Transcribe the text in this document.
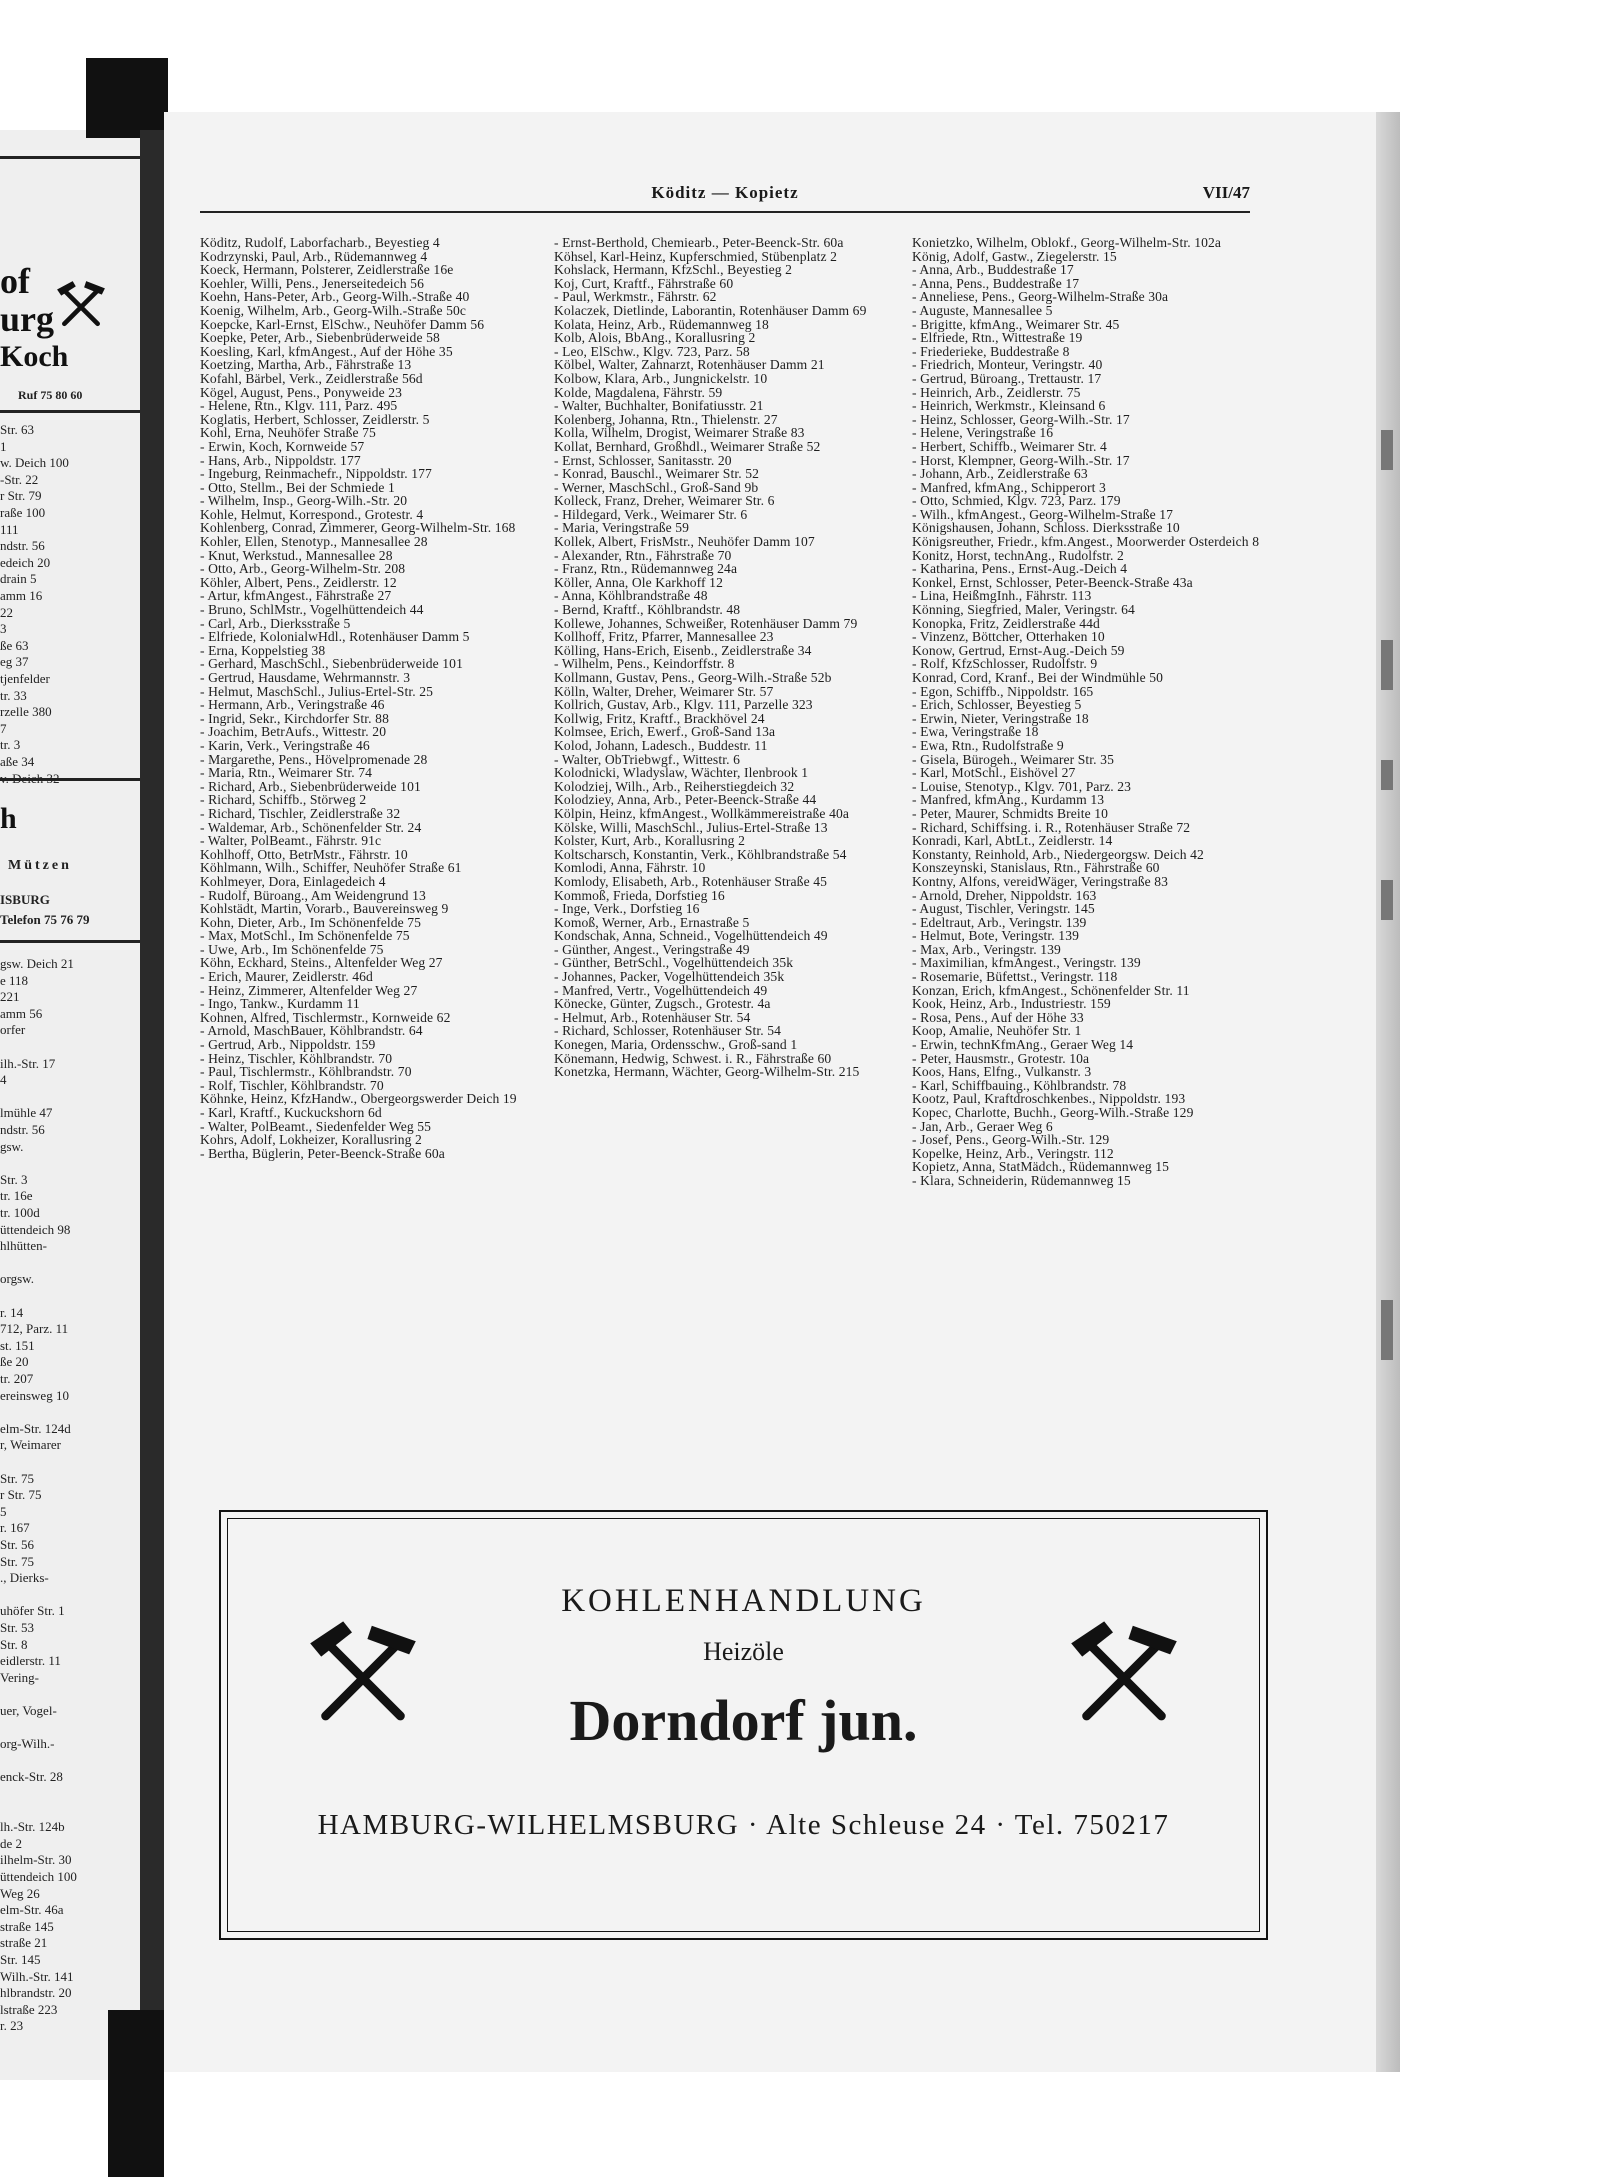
of
urg
Koch
Ruf 75 80 60
Str. 63
1
w. Deich 100
-Str. 22
r Str. 79
raße 100
111
ndstr. 56
edeich 20
drain 5
amm 16
22
3
ße 63
eg 37
tjenfelder
tr. 33
rzelle 380
7
tr. 3
aße 34
h
Mützen
ISBURG
Telefon 75 76 79
gsw. Deich 21
e 118
221
amm 56
orfer
ilh.-Str. 17
4
lmühle 47
ndstr. 56
gsw.
Str. 3
tr. 16e
tr. 100d
üttendeich 98
hlhütten-
orgsw.
r. 14
712, Parz. 11
st. 151
ße 20
tr. 207
ereinsweg 10
elm-Str. 124d
r, Weimarer
Str. 75
r Str. 75
5
r. 167
Str. 56
Str. 75
., Dierks-
uhöfer Str. 1
Str. 53
Str. 8
eidlerstr. 11
Vering-
uer, Vogel-
org-Wilh.-
enck-Str. 28
lh.-Str. 124b
de 2
ilhelm-Str. 30
üttendeich 100
Weg 26
elm-Str. 46a
straße 145
straße 21
Str. 145
Wilh.-Str. 141
hlbrandstr. 20
lstraße 223
r. 23
Köditz — Kopietz	VII/47
Köditz, Rudolf, Laborfacharb., Beyestieg 4
Kodrzynski, Paul, Arb., Rüdemannweg 4
Koeck, Hermann, Polsterer, Zeidlerstraße 16e
Koehler, Willi, Pens., Jenerseitedeich 56
Koehn, Hans-Peter, Arb., Georg-Wilh.-Straße 40
Koenig, Wilhelm, Arb., Georg-Wilh.-Straße 50c
Koepcke, Karl-Ernst, ElSchw., Neuhöfer Damm 56
Koepke, Peter, Arb., Siebenbrüderweide 58
Koesling, Karl, kfmAngest., Auf der Höhe 35
Koetzing, Martha, Arb., Fährstraße 13
Kofahl, Bärbel, Verk., Zeidlerstraße 56d
Kögel, August, Pens., Ponyweide 23
- Helene, Rtn., Klgv. 111, Parz. 495
Koglatis, Herbert, Schlosser, Zeidlerstr. 5
Kohl, Erna, Neuhöfer Straße 75
- Erwin, Koch, Kornweide 57
- Hans, Arb., Nippoldstr. 177
- Ingeburg, Reinmachefr., Nippoldstr. 177
- Otto, Stellm., Bei der Schmiede 1
- Wilhelm, Insp., Georg-Wilh.-Str. 20
Kohle, Helmut, Korrespond., Grotestr. 4
Kohlenberg, Conrad, Zimmerer, Georg-Wilhelm-Str. 168
Kohler, Ellen, Stenotyp., Mannesallee 28
- Knut, Werkstud., Mannesallee 28
- Otto, Arb., Georg-Wilhelm-Str. 208
Köhler, Albert, Pens., Zeidlerstr. 12
- Artur, kfmAngest., Fährstraße 27
- Bruno, SchlMstr., Vogelhüttendeich 44
- Carl, Arb., Dierksstraße 5
- Elfriede, KolonialwHdl., Rotenhäuser Damm 5
- Erna, Koppelstieg 38
- Gerhard, MaschSchl., Siebenbrüderweide 101
- Gertrud, Hausdame, Wehrmannstr. 3
- Helmut, MaschSchl., Julius-Ertel-Str. 25
- Hermann, Arb., Veringstraße 46
- Ingrid, Sekr., Kirchdorfer Str. 88
- Joachim, BetrAufs., Wittestr. 20
- Karin, Verk., Veringstraße 46
- Margarethe, Pens., Hövelpromenade 28
- Maria, Rtn., Weimarer Str. 74
- Richard, Arb., Siebenbrüderweide 101
- Richard, Schiffb., Störweg 2
- Richard, Tischler, Zeidlerstraße 32
- Waldemar, Arb., Schönenfelder Str. 24
- Walter, PolBeamt., Fährstr. 91c
Kohlhoff, Otto, BetrMstr., Fährstr. 10
Köhlmann, Wilh., Schiffer, Neuhöfer Straße 61
Kohlmeyer, Dora, Einlagedeich 4
- Rudolf, Büroang., Am Weidengrund 13
Kohlstädt, Martin, Vorarb., Bauvereinsweg 9
Kohn, Dieter, Arb., Im Schönenfelde 75
- Max, MotSchl., Im Schönenfelde 75
- Uwe, Arb., Im Schönenfelde 75
Köhn, Eckhard, Steins., Altenfelder Weg 27
- Erich, Maurer, Zeidlerstr. 46d
- Heinz, Zimmerer, Altenfelder Weg 27
- Ingo, Tankw., Kurdamm 11
Kohnen, Alfred, Tischlermstr., Kornweide 62
- Arnold, MaschBauer, Köhlbrandstr. 64
- Gertrud, Arb., Nippoldstr. 159
- Heinz, Tischler, Köhlbrandstr. 70
- Paul, Tischlermstr., Köhlbrandstr. 70
- Rolf, Tischler, Köhlbrandstr. 70
Köhnke, Heinz, KfzHandw., Obergeorgswerder Deich 19
- Karl, Kraftf., Kuckuckshorn 6d
- Walter, PolBeamt., Siedenfelder Weg 55
Kohrs, Adolf, Lokheizer, Korallusring 2
- Bertha, Büglerin, Peter-Beenck-Straße 60a
- Ernst-Berthold, Chemiearb., Peter-Beenck-Str. 60a
Köhsel, Karl-Heinz, Kupferschmied, Stübenplatz 2
Kohslack, Hermann, KfzSchl., Beyestieg 2
Koj, Curt, Kraftf., Fährstraße 60
- Paul, Werkmstr., Fährstr. 62
Kolaczek, Dietlinde, Laborantin, Rotenhäuser Damm 69
Kolata, Heinz, Arb., Rüdemannweg 18
Kolb, Alois, BbAng., Korallusring 2
- Leo, ElSchw., Klgv. 723, Parz. 58
Kölbel, Walter, Zahnarzt, Rotenhäuser Damm 21
Kolbow, Klara, Arb., Jungnickelstr. 10
Kolde, Magdalena, Fährstr. 59
- Walter, Buchhalter, Bonifatiusstr. 21
Kolenberg, Johanna, Rtn., Thielenstr. 27
Kolla, Wilhelm, Drogist, Weimarer Straße 83
Kollat, Bernhard, Großhdl., Weimarer Straße 52
- Ernst, Schlosser, Sanitasstr. 20
- Konrad, Bauschl., Weimarer Str. 52
- Werner, MaschSchl., Groß-Sand 9b
Kolleck, Franz, Dreher, Weimarer Str. 6
- Hildegard, Verk., Weimarer Str. 6
- Maria, Veringstraße 59
Kollek, Albert, FrisMstr., Neuhöfer Damm 107
- Alexander, Rtn., Fährstraße 70
- Franz, Rtn., Rüdemannweg 24a
Köller, Anna, Ole Karkhoff 12
- Anna, Köhlbrandstraße 48
- Bernd, Kraftf., Köhlbrandstr. 48
Kollewe, Johannes, Schweißer, Rotenhäuser Damm 79
Kollhoff, Fritz, Pfarrer, Mannesallee 23
Kölling, Hans-Erich, Eisenb., Zeidlerstraße 34
- Wilhelm, Pens., Keindorffstr. 8
Kollmann, Gustav, Pens., Georg-Wilh.-Straße 52b
Kölln, Walter, Dreher, Weimarer Str. 57
Kollrich, Gustav, Arb., Klgv. 111, Parzelle 323
Kollwig, Fritz, Kraftf., Brackhövel 24
Kolmsee, Erich, Ewerf., Groß-Sand 13a
Kolod, Johann, Ladesch., Buddestr. 11
- Walter, ObTriebwgf., Wittestr. 6
Kolodnicki, Wladyslaw, Wächter, Ilenbrook 1
Kolodziej, Wilh., Arb., Reiherstiegdeich 32
Kolodziey, Anna, Arb., Peter-Beenck-Straße 44
Kölpin, Heinz, kfmAngest., Wollkämmereistraße 40a
Kölske, Willi, MaschSchl., Julius-Ertel-Straße 13
Kolster, Kurt, Arb., Korallusring 2
Koltscharsch, Konstantin, Verk., Köhlbrandstraße 54
Komlodi, Anna, Fährstr. 10
Komlody, Elisabeth, Arb., Rotenhäuser Straße 45
Kommoß, Frieda, Dorfstieg 16
- Inge, Verk., Dorfstieg 16
Komoß, Werner, Arb., Ernastraße 5
Kondschak, Anna, Schneid., Vogelhüttendeich 49
- Günther, Angest., Veringstraße 49
- Günther, BetrSchl., Vogelhüttendeich 35k
- Johannes, Packer, Vogelhüttendeich 35k
- Manfred, Vertr., Vogelhüttendeich 49
Könecke, Günter, Zugsch., Grotestr. 4a
- Helmut, Arb., Rotenhäuser Str. 54
- Richard, Schlosser, Rotenhäuser Str. 54
Konegen, Maria, Ordensschw., Groß-sand 1
Könemann, Hedwig, Schwest. i. R., Fährstraße 60
Konetzka, Hermann, Wächter, Georg-Wilhelm-Str. 215
Konietzko, Wilhelm, Oblokf., Georg-Wilhelm-Str. 102a
König, Adolf, Gastw., Ziegelerstr. 15
- Anna, Arb., Buddestraße 17
- Anna, Pens., Buddestraße 17
- Anneliese, Pens., Georg-Wilhelm-Straße 30a
- Auguste, Mannesallee 5
- Brigitte, kfmAng., Weimarer Str. 45
- Elfriede, Rtn., Wittestraße 19
- Friederieke, Buddestraße 8
- Friedrich, Monteur, Veringstr. 40
- Gertrud, Büroang., Trettaustr. 17
- Heinrich, Arb., Zeidlerstr. 75
- Heinrich, Werkmstr., Kleinsand 6
- Heinz, Schlosser, Georg-Wilh.-Str. 17
- Helene, Veringstraße 16
- Herbert, Schiffb., Weimarer Str. 4
- Horst, Klempner, Georg-Wilh.-Str. 17
- Johann, Arb., Zeidlerstraße 63
- Manfred, kfmAng., Schipperort 3
- Otto, Schmied, Klgv. 723, Parz. 179
- Wilh., kfmAngest., Georg-Wilhelm-Straße 17
Königshausen, Johann, Schloss. Dierksstraße 10
Königsreuther, Friedr., kfm.Angest., Moorwerder Osterdeich 8
Konitz, Horst, technAng., Rudolfstr. 2
- Katharina, Pens., Ernst-Aug.-Deich 4
Konkel, Ernst, Schlosser, Peter-Beenck-Straße 43a
- Lina, HeißmgInh., Fährstr. 113
Könning, Siegfried, Maler, Veringstr. 64
Konopka, Fritz, Zeidlerstraße 44d
- Vinzenz, Böttcher, Otterhaken 10
Konow, Gertrud, Ernst-Aug.-Deich 59
- Rolf, KfzSchlosser, Rudolfstr. 9
Konrad, Cord, Kranf., Bei der Windmühle 50
- Egon, Schiffb., Nippoldstr. 165
- Erich, Schlosser, Beyestieg 5
- Erwin, Nieter, Veringstraße 18
- Ewa, Veringstraße 18
- Ewa, Rtn., Rudolfstraße 9
- Gisela, Bürogeh., Weimarer Str. 35
- Karl, MotSchl., Eishövel 27
- Louise, Stenotyp., Klgv. 701, Parz. 23
- Manfred, kfmAng., Kurdamm 13
- Peter, Maurer, Schmidts Breite 10
- Richard, Schiffsing. i. R., Rotenhäuser Straße 72
Konradi, Karl, AbtLt., Zeidlerstr. 14
Konstanty, Reinhold, Arb., Niedergeorgsw. Deich 42
Konszeynski, Stanislaus, Rtn., Fährstraße 60
Kontny, Alfons, vereidWäger, Veringstraße 83
- Arnold, Dreher, Nippoldstr. 163
- August, Tischler, Veringstr. 145
- Edeltraut, Arb., Veringstr. 139
- Helmut, Bote, Veringstr. 139
- Max, Arb., Veringstr. 139
- Maximilian, kfmAngest., Veringstr. 139
- Rosemarie, Büfettst., Veringstr. 118
Konzan, Erich, kfmAngest., Schönenfelder Str. 11
Kook, Heinz, Arb., Industriestr. 159
- Rosa, Pens., Auf der Höhe 33
Koop, Amalie, Neuhöfer Str. 1
- Erwin, technKfmAng., Geraer Weg 14
- Peter, Hausmstr., Grotestr. 10a
Koos, Hans, Elfng., Vulkanstr. 3
- Karl, Schiffbauing., Köhlbrandstr. 78
Kootz, Paul, Kraftdroschkenbes., Nippoldstr. 193
Kopec, Charlotte, Buchh., Georg-Wilh.-Straße 129
- Jan, Arb., Geraer Weg 6
- Josef, Pens., Georg-Wilh.-Str. 129
Kopelke, Heinz, Arb., Veringstr. 112
Kopietz, Anna, StatMädch., Rüdemannweg 15
- Klara, Schneiderin, Rüdemannweg 15
KOHLENHANDLUNG
Heizöle
Dorndorf jun.
HAMBURG-WILHELMSBURG · Alte Schleuse 24 · Tel. 750217
